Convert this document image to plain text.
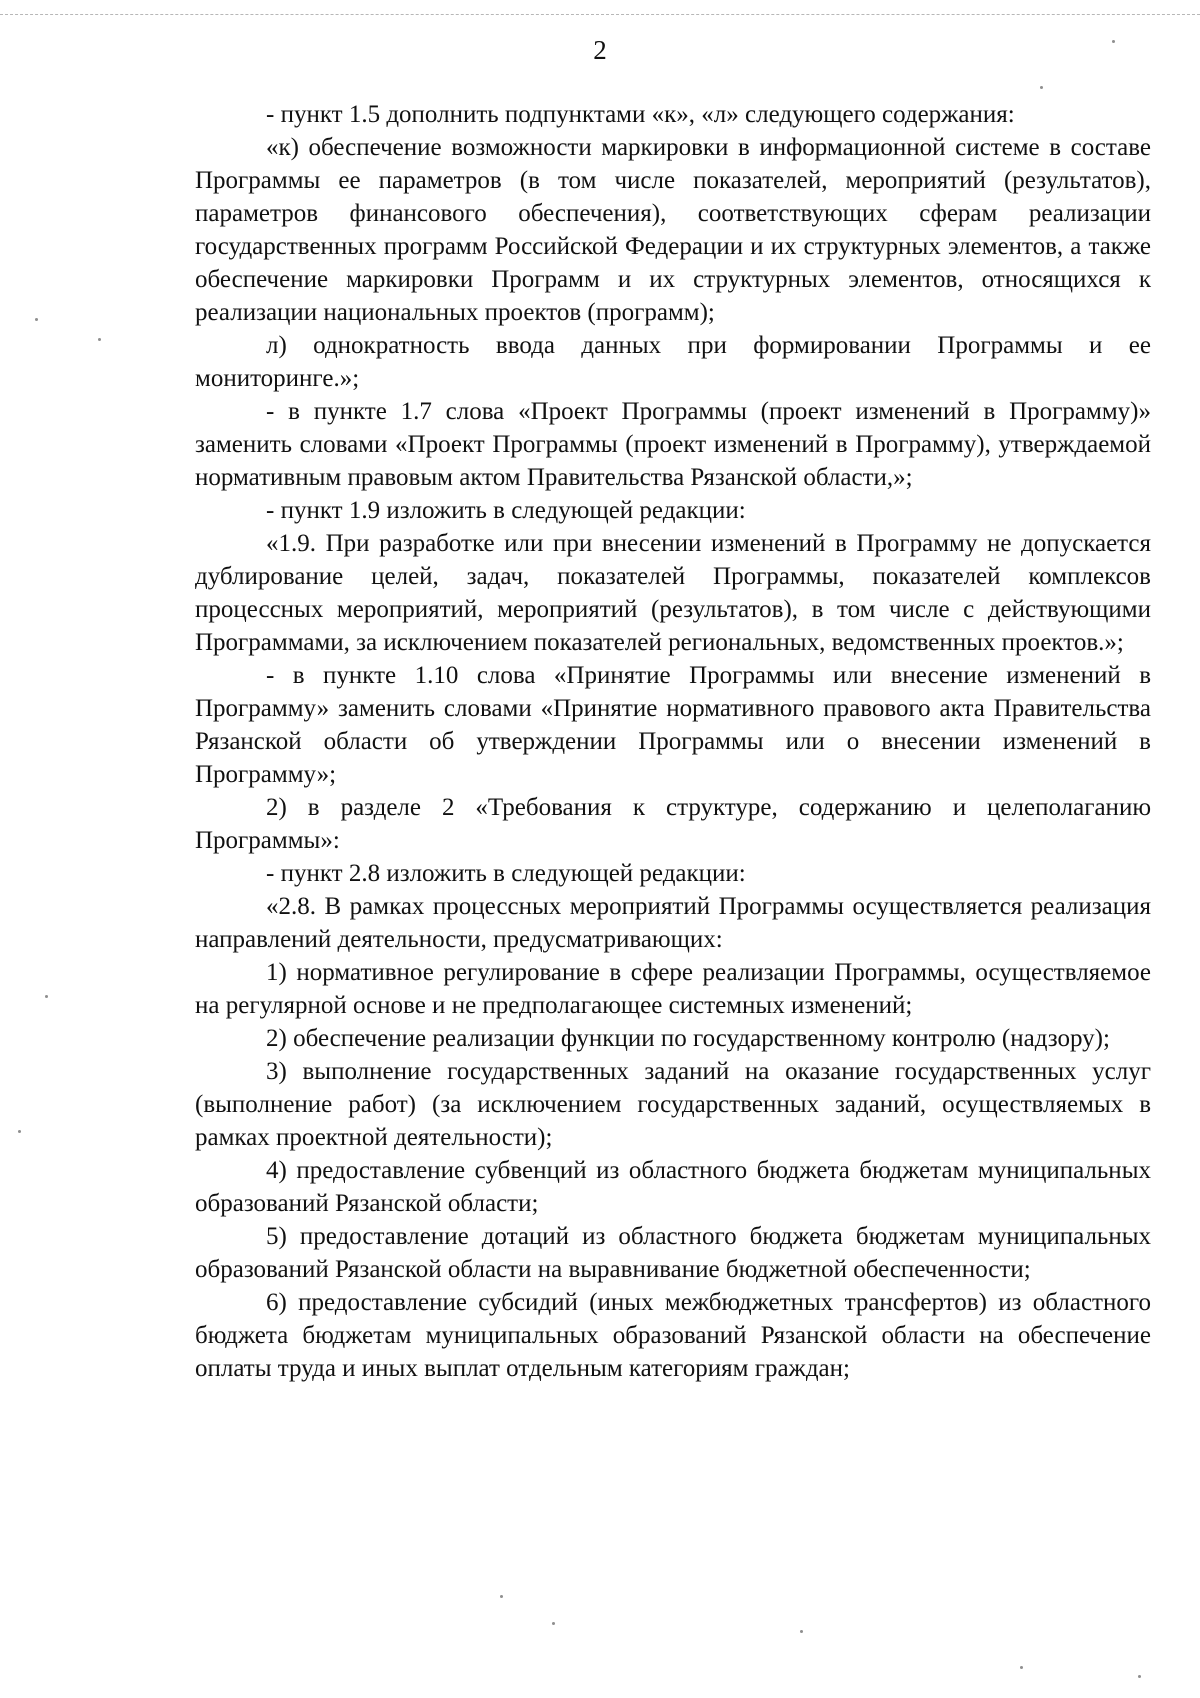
2

- пункт 1.5 дополнить подпунктами «к», «л» следующего содержания:

«к) обеспечение возможности маркировки в информационной системе в составе Программы ее параметров (в том числе показателей, мероприятий (результатов), параметров финансового обеспечения), соответствующих сферам реализации государственных программ Российской Федерации и их структурных элементов, а также обеспечение маркировки Программ и их структурных элементов, относящихся к реализации национальных проектов (программ);

л) однократность ввода данных при формировании Программы и ее мониторинге.»;

- в пункте 1.7 слова «Проект Программы (проект изменений в Программу)» заменить словами «Проект Программы (проект изменений в Программу), утверждаемой нормативным правовым актом Правительства Рязанской области,»;

- пункт 1.9 изложить в следующей редакции:

«1.9. При разработке или при внесении изменений в Программу не допускается дублирование целей, задач, показателей Программы, показателей комплексов процессных мероприятий, мероприятий (результатов), в том числе с действующими Программами, за исключением показателей региональных, ведомственных проектов.»;

- в пункте 1.10 слова «Принятие Программы или внесение изменений в Программу» заменить словами «Принятие нормативного правового акта Правительства Рязанской области об утверждении Программы или о внесении изменений в Программу»;

2) в разделе 2 «Требования к структуре, содержанию и целеполаганию Программы»:

- пункт 2.8 изложить в следующей редакции:

«2.8. В рамках процессных мероприятий Программы осуществляется реализация направлений деятельности, предусматривающих:

1) нормативное регулирование в сфере реализации Программы, осуществляемое на регулярной основе и не предполагающее системных изменений;

2) обеспечение реализации функции по государственному контролю (надзору);

3) выполнение государственных заданий на оказание государственных услуг (выполнение работ) (за исключением государственных заданий, осуществляемых в рамках проектной деятельности);

4) предоставление субвенций из областного бюджета бюджетам муниципальных образований Рязанской области;

5) предоставление дотаций из областного бюджета бюджетам муниципальных образований Рязанской области на выравнивание бюджетной обеспеченности;

6) предоставление субсидий (иных межбюджетных трансфертов) из областного бюджета бюджетам муниципальных образований Рязанской области на обеспечение оплаты труда и иных выплат отдельным категориям граждан;
